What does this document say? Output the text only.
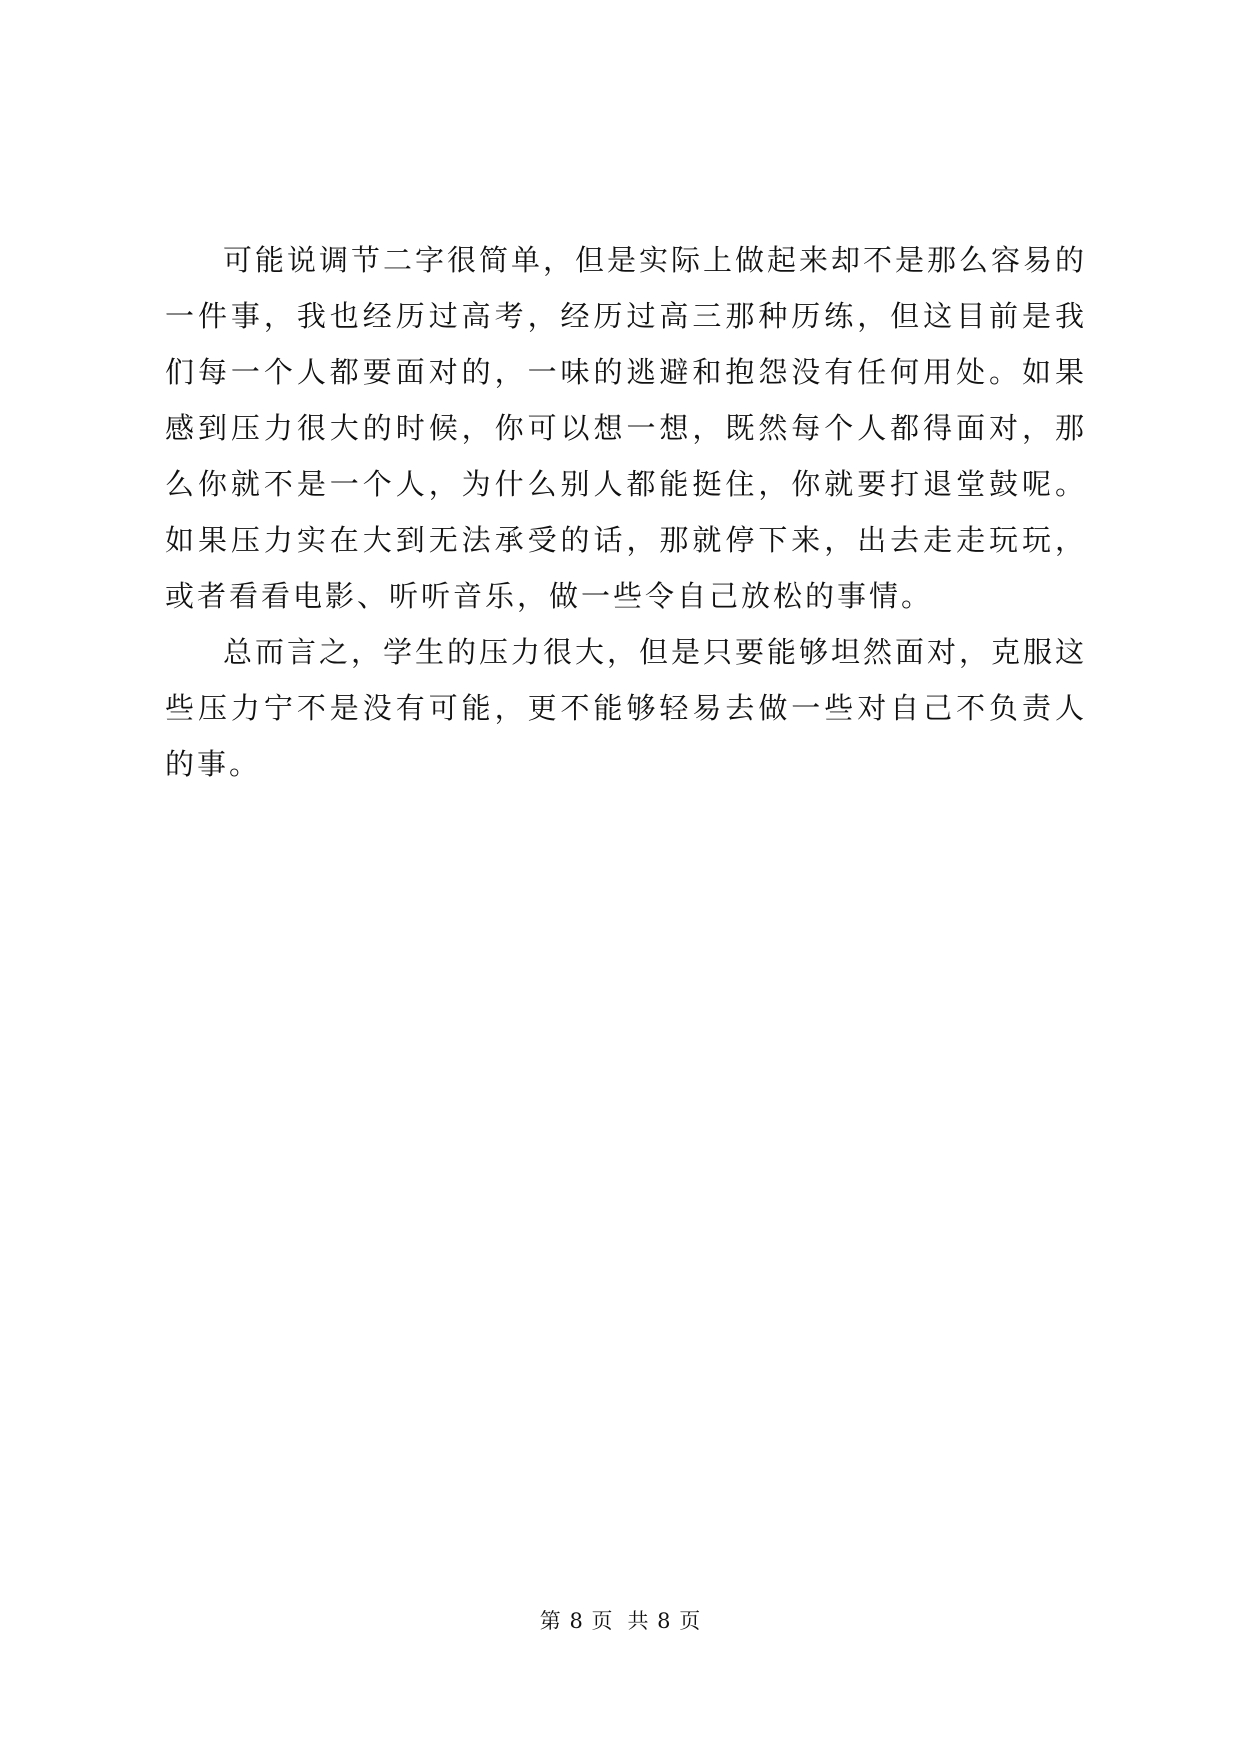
可能说调节二字很简单，但是实际上做起来却不是那么容易的一件事，我也经历过高考，经历过高三那种历练，但这目前是我们每一个人都要面对的，一味的逃避和抱怨没有任何用处。如果感到压力很大的时候，你可以想一想，既然每个人都得面对，那么你就不是一个人，为什么别人都能挺住，你就要打退堂鼓呢。如果压力实在大到无法承受的话，那就停下来，出去走走玩玩，或者看看电影、听听音乐，做一些令自己放松的事情。

总而言之，学生的压力很大，但是只要能够坦然面对，克服这些压力宁不是没有可能，更不能够轻易去做一些对自己不负责人的事。

第 8 页 共 8 页
